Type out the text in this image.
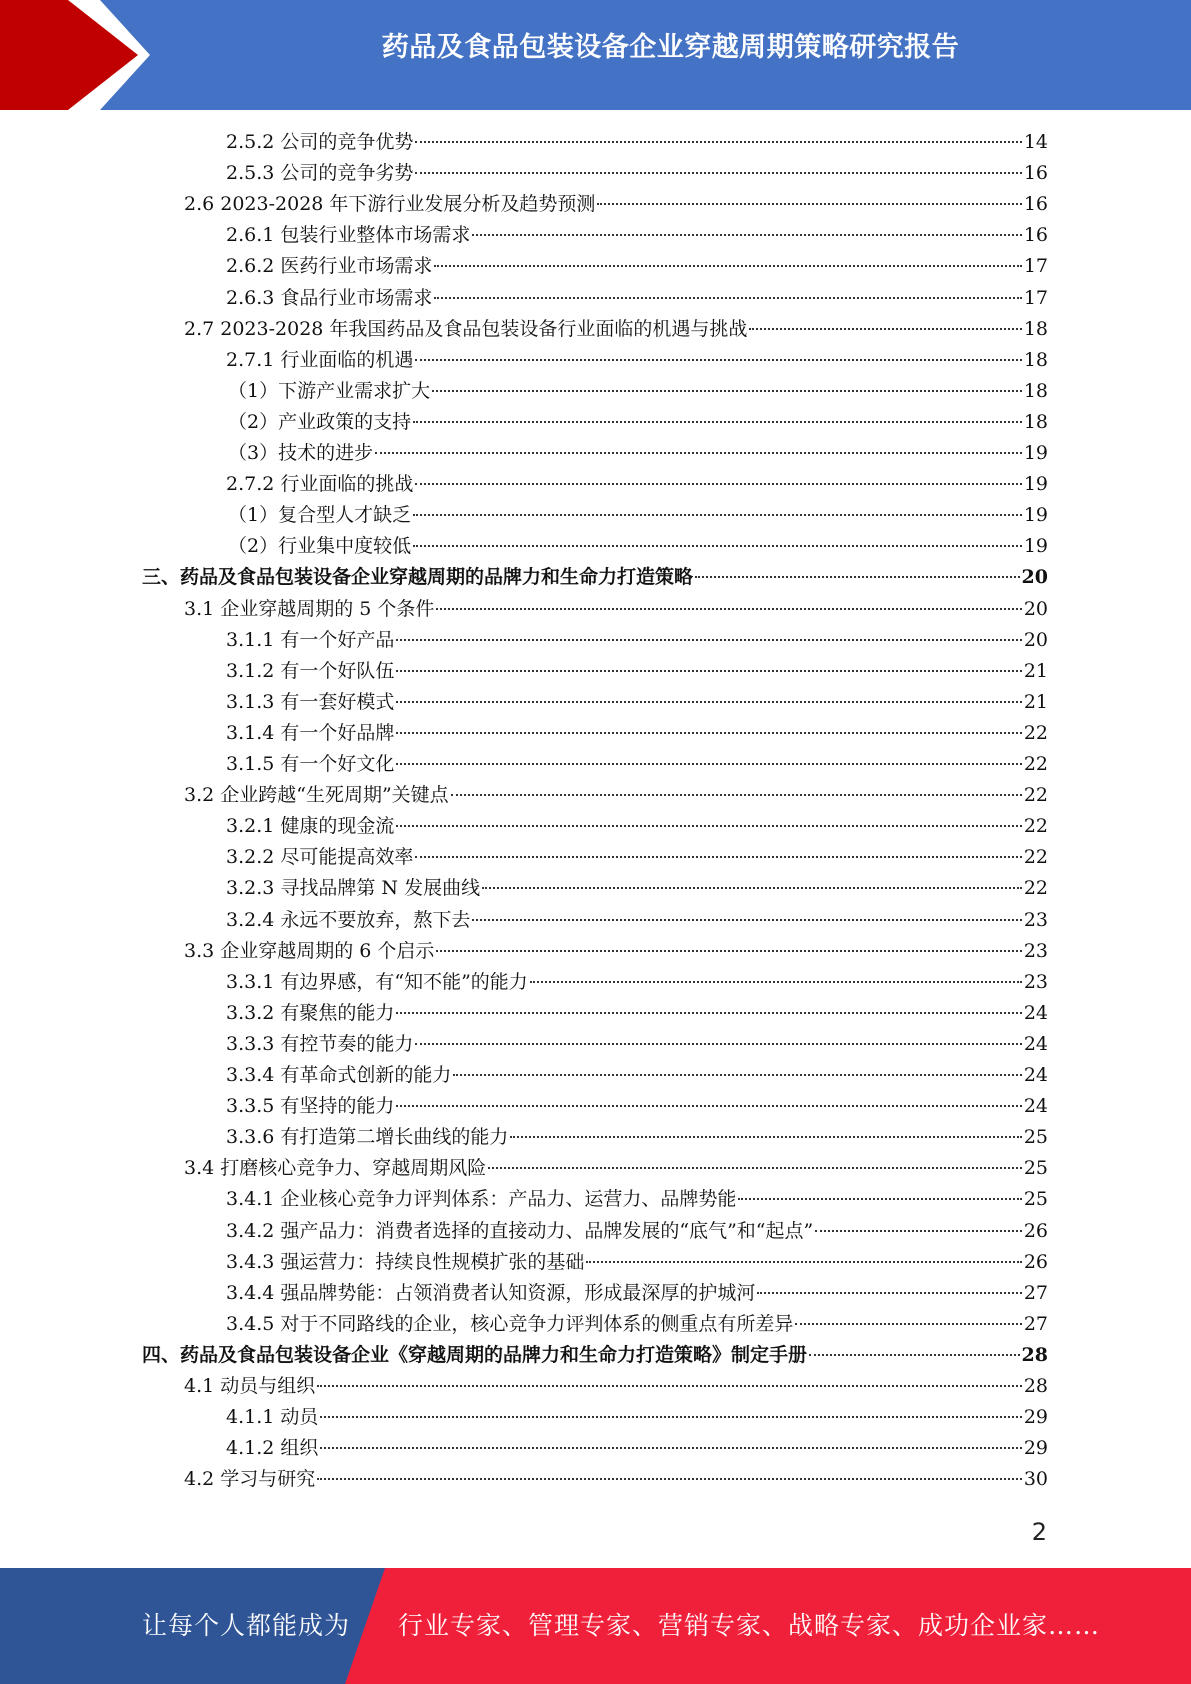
药品及食品包装设备企业穿越周期策略研究报告
2.5.2 公司的竞争优势	14
2.5.3 公司的竞争劣势	16
2.6 2023-2028 年下游行业发展分析及趋势预测	16
2.6.1 包装行业整体市场需求	16
2.6.2 医药行业市场需求	17
2.6.3 食品行业市场需求	17
2.7 2023-2028 年我国药品及食品包装设备行业面临的机遇与挑战	18
2.7.1 行业面临的机遇	18
（1）下游产业需求扩大	18
（2）产业政策的支持	18
（3）技术的进步	19
2.7.2 行业面临的挑战	19
（1）复合型人才缺乏	19
（2）行业集中度较低	19
三、药品及食品包装设备企业穿越周期的品牌力和生命力打造策略	20
3.1 企业穿越周期的 5 个条件	20
3.1.1 有一个好产品	20
3.1.2 有一个好队伍	21
3.1.3 有一套好模式	21
3.1.4 有一个好品牌	22
3.1.5 有一个好文化	22
3.2 企业跨越“生死周期”关键点	22
3.2.1 健康的现金流	22
3.2.2 尽可能提高效率	22
3.2.3 寻找品牌第 N 发展曲线	22
3.2.4 永远不要放弃，熬下去	23
3.3 企业穿越周期的 6 个启示	23
3.3.1 有边界感，有“知不能”的能力	23
3.3.2 有聚焦的能力	24
3.3.3 有控节奏的能力	24
3.3.4 有革命式创新的能力	24
3.3.5 有坚持的能力	24
3.3.6 有打造第二增长曲线的能力	25
3.4 打磨核心竞争力、穿越周期风险	25
3.4.1 企业核心竞争力评判体系：产品力、运营力、品牌势能	25
3.4.2 强产品力：消费者选择的直接动力、品牌发展的“底气”和“起点”	26
3.4.3 强运营力：持续良性规模扩张的基础	26
3.4.4 强品牌势能：占领消费者认知资源，形成最深厚的护城河	27
3.4.5 对于不同路线的企业，核心竞争力评判体系的侧重点有所差异	27
四、药品及食品包装设备企业《穿越周期的品牌力和生命力打造策略》制定手册	28
4.1 动员与组织	28
4.1.1 动员	29
4.1.2 组织	29
4.2 学习与研究	30
2
让每个人都能成为 行业专家、管理专家、营销专家、战略专家、成功企业家……
